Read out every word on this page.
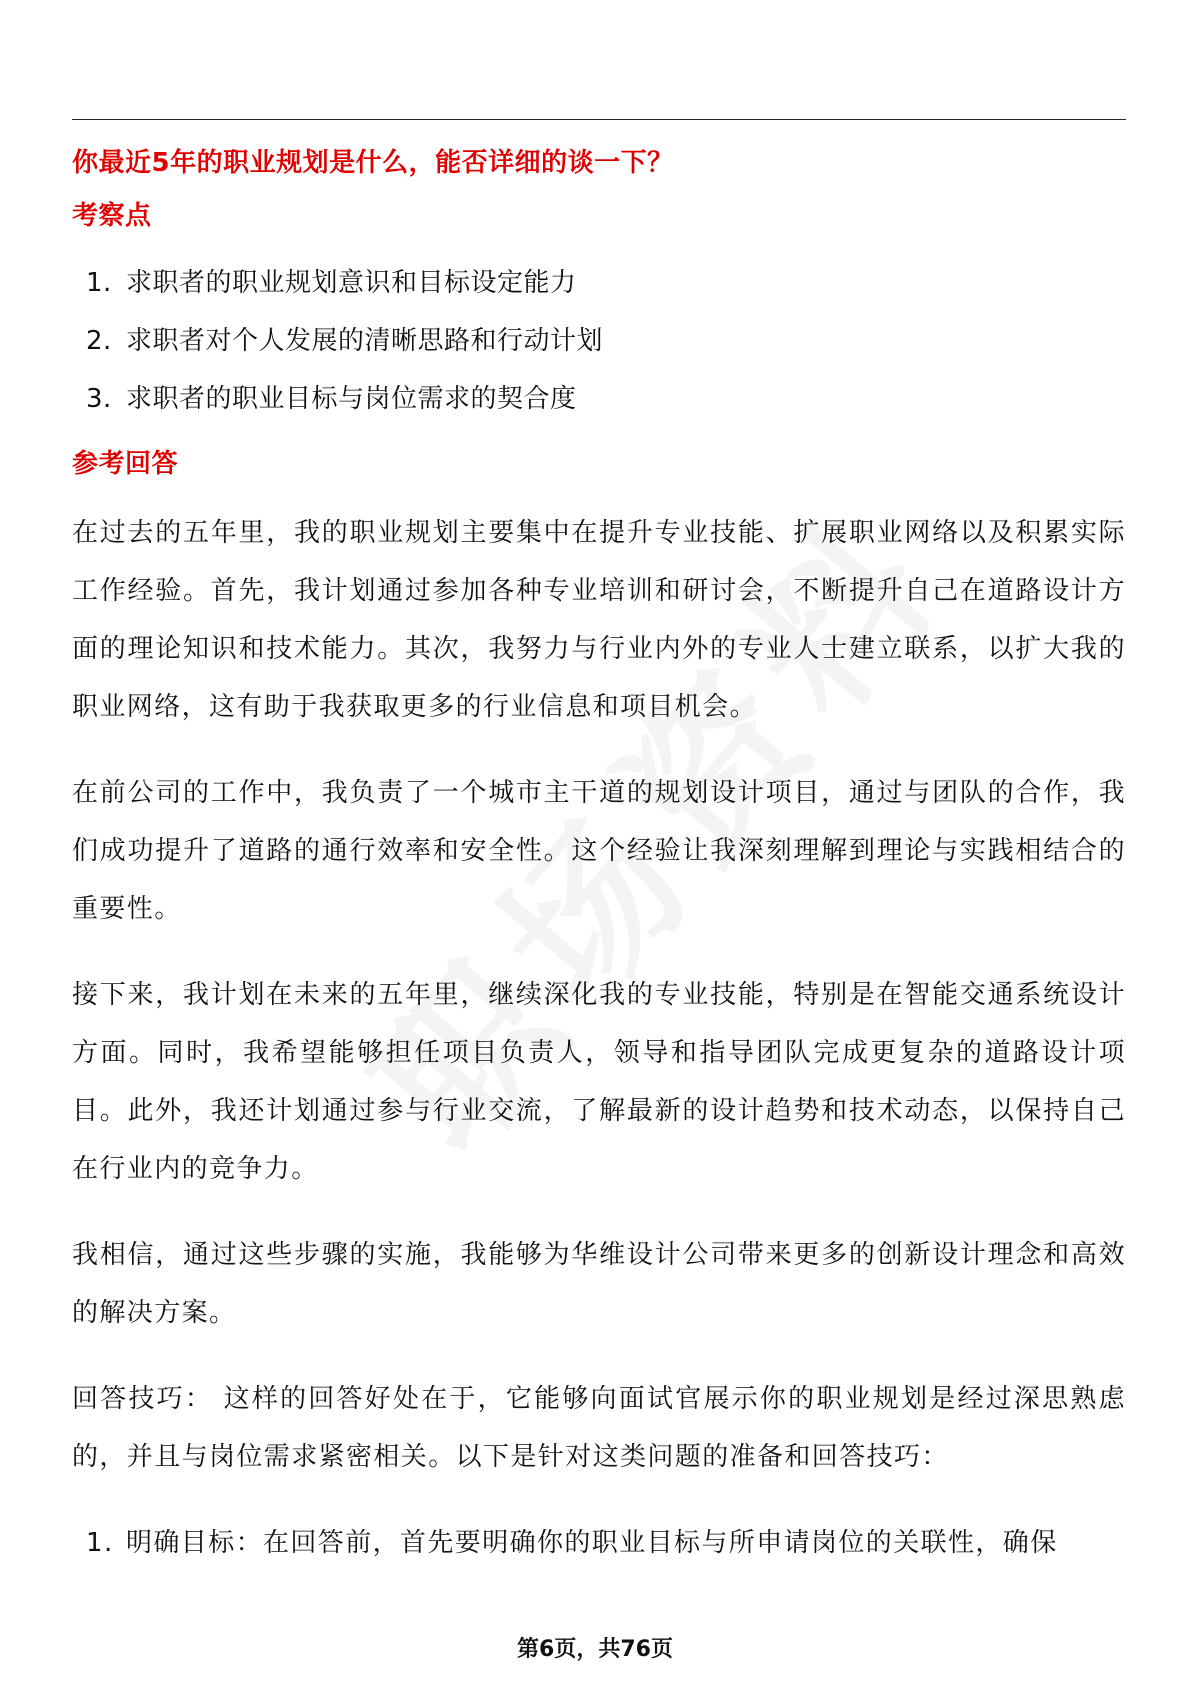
你最近5年的职业规划是什么，能否详细的谈一下？
考察点
1. 求职者的职业规划意识和目标设定能力
2. 求职者对个人发展的清晰思路和行动计划
3. 求职者的职业目标与岗位需求的契合度
参考回答

在过去的五年里，我的职业规划主要集中在提升专业技能、扩展职业网络以及积累实际工作经验。首先，我计划通过参加各种专业培训和研讨会，不断提升自己在道路设计方面的理论知识和技术能力。其次，我努力与行业内外的专业人士建立联系，以扩大我的职业网络，这有助于我获取更多的行业信息和项目机会。

在前公司的工作中，我负责了一个城市主干道的规划设计项目，通过与团队的合作，我们成功提升了道路的通行效率和安全性。这个经验让我深刻理解到理论与实践相结合的重要性。

接下来，我计划在未来的五年里，继续深化我的专业技能，特别是在智能交通系统设计方面。同时，我希望能够担任项目负责人，领导和指导团队完成更复杂的道路设计项目。此外，我还计划通过参与行业交流，了解最新的设计趋势和技术动态，以保持自己在行业内的竞争力。

我相信，通过这些步骤的实施，我能够为华维设计公司带来更多的创新设计理念和高效的解决方案。

回答技巧： 这样的回答好处在于，它能够向面试官展示你的职业规划是经过深思熟虑的，并且与岗位需求紧密相关。以下是针对这类问题的准备和回答技巧：

1. 明确目标：在回答前，首先要明确你的职业目标与所申请岗位的关联性，确保
第6页，共76页
